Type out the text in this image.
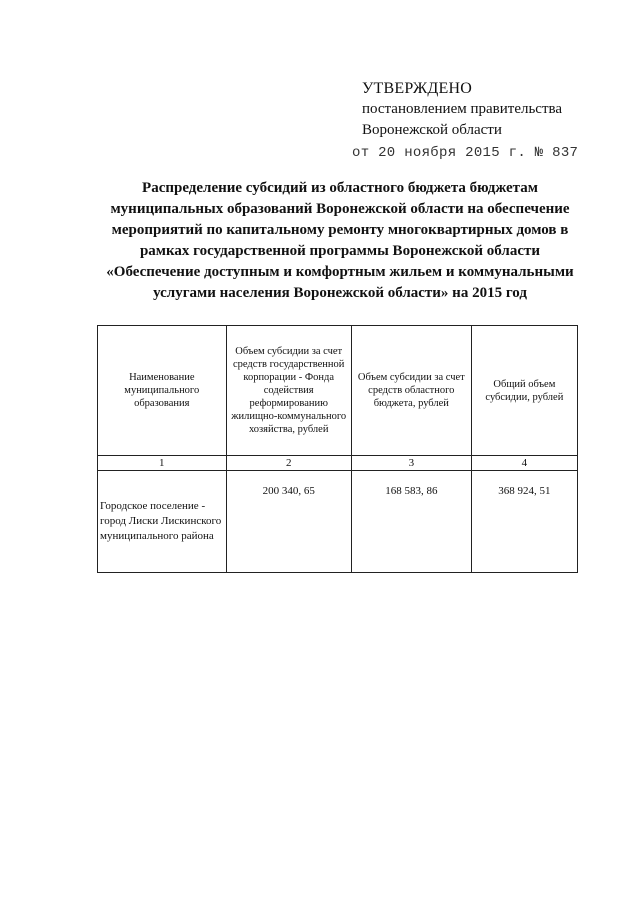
УТВЕРЖДЕНО
постановлением правительства
Воронежской области
от 20 ноября 2015 г. № 837
Распределение субсидий из областного бюджета бюджетам
муниципальных образований Воронежской области на обеспечение
мероприятий по капитальному ремонту многоквартирных домов в
рамках государственной программы Воронежской области
«Обеспечение доступным и комфортным жильем и коммунальными
услугами населения Воронежской области» на 2015 год
Наименование муниципального образования	Объем субсидии за счет средств государственной корпорации - Фонда содействия реформированию жилищно-коммунального хозяйства, рублей	Объем субсидии за счет средств областного бюджета, рублей	Общий объем субсидии, рублей
1	2	3	4
Городское поселение - город Лиски Лискинского муниципального района	200 340, 65	168 583, 86	368 924, 51
